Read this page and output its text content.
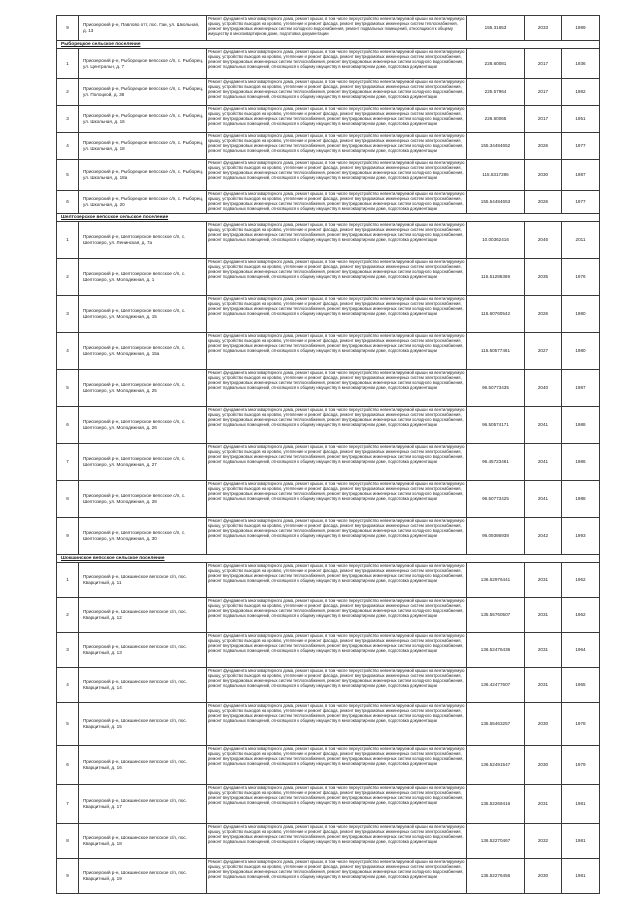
9	Приозерский р-н, Павлово отт, пос. Гаи, ул. Школьная, д. 13	Ремонт фундамента многоквартирного дома, ремонт крыши, в том числе переустройство невентилируемой крыши на вентилируемую крышу, устройство выходов на кровлю, утепление и ремонт фасада, ремонт внутридомовых инженерных систем теплоснабжения, ремонт внутридомовых инженерных систем холодного водоснабжения, ремонт подвальных помещений, относящихся к общему имуществу в многоквартирном доме, подготовка документации	155.31653	2033	1989
Рыборецкое сельское поселение					
1	Приозерский р-н, Рыборецкое вепсское с/п, с. Рыборец, ул. Центральн, д. 7	Ремонт фундамента многоквартирного дома, ремонт крыши, в том числе переустройство невентилируемой крыши на вентилируемую крышу, устройство выходов на кровлю, утепление и ремонт фасада, ремонт внутридомовых инженерных систем электроснабжения, ремонт внутридомовых инженерных систем теплоснабжения, ремонт внутридомовых инженерных систем холодного водоснабжения, ремонт подвальных помещений, относящихся к общему имуществу в многоквартирном доме, подготовка документации	228.60081	2017	1936
2	Приозерский р-н, Рыборецкое вепсское с/п, с. Рыборец, ул. Полоцкой, д. 38	Ремонт фундамента многоквартирного дома, ремонт крыши, в том числе переустройство невентилируемой крыши на вентилируемую крышу, устройство выходов на кровлю, утепление и ремонт фасада, ремонт внутридомовых инженерных систем электроснабжения, ремонт внутридомовых инженерных систем теплоснабжения, ремонт внутридомовых инженерных систем холодного водоснабжения, ремонт подвальных помещений, относящихся к общему имуществу в многоквартирном доме, подготовка документации	225.57964	2017	1982
3	Приозерский р-н, Рыборецкое вепсское с/п, с. Рыборец, ул. Школьная, д. 16	Ремонт фундамента многоквартирного дома, ремонт крыши, в том числе переустройство невентилируемой крыши на вентилируемую крышу, устройство выходов на кровлю, утепление и ремонт фасада, ремонт внутридомовых инженерных систем электроснабжения, ремонт внутридомовых инженерных систем теплоснабжения, ремонт внутридомовых инженерных систем холодного водоснабжения, ремонт подвальных помещений, относящихся к общему имуществу в многоквартирном доме, подготовка документации	226.60065	2017	1951
4	Приозерский р-н, Рыборецкое вепсское с/п, с. Рыборец, ул. Школьная, д. 18	Ремонт фундамента многоквартирного дома, ремонт крыши, в том числе переустройство невентилируемой крыши на вентилируемую крышу, устройство выходов на кровлю, утепление и ремонт фасада, ремонт внутридомовых инженерных систем электроснабжения, ремонт внутридомовых инженерных систем теплоснабжения, ремонт внутридомовых инженерных систем холодного водоснабжения, ремонт подвальных помещений, относящихся к общему имуществу в многоквартирном доме, подготовка документации	155.34484652	2026	1977
5	Приозерский р-н, Рыборецкое вепсское с/п, с. Рыборец, ул. Школьная, д. 18а	Ремонт фундамента многоквартирного дома, ремонт крыши, в том числе переустройство невентилируемой крыши на вентилируемую крышу, устройство выходов на кровлю, утепление и ремонт фасада, ремонт внутридомовых инженерных систем электроснабжения, ремонт внутридомовых инженерных систем теплоснабжения, ремонт внутридомовых инженерных систем холодного водоснабжения, ремонт подвальных помещений, относящихся к общему имуществу в многоквартирном доме, подготовка документации	115.5317286	2030	1987
6	Приозерский р-н, Рыборецкое вепсское с/п, с. Рыборец, ул. Школьная, д. 20	Ремонт фундамента многоквартирного дома, ремонт крыши, в том числе переустройство невентилируемой крыши на вентилируемую крышу, устройство выходов на кровлю, утепление и ремонт фасада, ремонт внутридомовых инженерных систем электроснабжения, ремонт внутридомовых инженерных систем теплоснабжения, ремонт внутридомовых инженерных систем холодного водоснабжения, ремонт подвальных помещений, относящихся к общему имуществу в многоквартирном доме, подготовка документации	155.54484653	2026	1977
Шелтозерское вепсское сельское поселение					
1	Приозерский р-н, Шелтозерское вепсское с/п, с. Шелтозеро, ул. Ленинская, д. 7а	Ремонт фундамента многоквартирного дома, ремонт крыши, в том числе переустройство невентилируемой крыши на вентилируемую крышу, устройство выходов на кровлю, утепление и ремонт фасада, ремонт внутридомовых инженерных систем электроснабжения, ремонт внутридомовых инженерных систем теплоснабжения, ремонт внутридомовых инженерных систем холодного водоснабжения, ремонт подвальных помещений, относящихся к общему имуществу в многоквартирном доме, подготовка документации	10.00362416	2046	2011
2	Приозерский р-н, Шелтозерское вепсское с/п, с. Шелтозеро, ул. Молодежная, д. 1	Ремонт фундамента многоквартирного дома, ремонт крыши, в том числе переустройство невентилируемой крыши на вентилируемую крышу, устройство выходов на кровлю, утепление и ремонт фасада, ремонт внутридомовых инженерных систем электроснабжения, ремонт внутридомовых инженерных систем теплоснабжения, ремонт внутридомовых инженерных систем холодного водоснабжения, ремонт подвальных помещений, относящихся к общему имуществу в многоквартирном доме, подготовка документации	115.51286369	2035	1976
3	Приозерский р-н, Шелтозерское вепсское с/п, с. Шелтозеро, ул. Молодежная, д. 15	Ремонт фундамента многоквартирного дома, ремонт крыши, в том числе переустройство невентилируемой крыши на вентилируемую крышу, устройство выходов на кровлю, утепление и ремонт фасада, ремонт внутридомовых инженерных систем электроснабжения, ремонт внутридомовых инженерных систем теплоснабжения, ремонт внутридомовых инженерных систем холодного водоснабжения, ремонт подвальных помещений, относящихся к общему имуществу в многоквартирном доме, подготовка документации	115.60760542	2026	1980
4	Приозерский р-н, Шелтозерское вепсское с/п, с. Шелтозеро, ул. Молодежная, д. 15а	Ремонт фундамента многоквартирного дома, ремонт крыши, в том числе переустройство невентилируемой крыши на вентилируемую крышу, устройство выходов на кровлю, утепление и ремонт фасада, ремонт внутридомовых инженерных систем электроснабжения, ремонт внутридомовых инженерных систем теплоснабжения, ремонт внутридомовых инженерных систем холодного водоснабжения, ремонт подвальных помещений, относящихся к общему имуществу в многоквартирном доме, подготовка документации	115.50577461	2027	1980
5	Приозерский р-н, Шелтозерское вепсское с/п, с. Шелтозеро, ул. Молодежная, д. 25	Ремонт фундамента многоквартирного дома, ремонт крыши, в том числе переустройство невентилируемой крыши на вентилируемую крышу, устройство выходов на кровлю, утепление и ремонт фасада, ремонт внутридомовых инженерных систем электроснабжения, ремонт внутридомовых инженерных систем теплоснабжения, ремонт внутридомовых инженерных систем холодного водоснабжения, ремонт подвальных помещений, относящихся к общему имуществу в многоквартирном доме, подготовка документации	96.50773435	2040	1987
6	Приозерский р-н, Шелтозерское вепсское с/п, с. Шелтозеро, ул. Молодежная, д. 26	Ремонт фундамента многоквартирного дома, ремонт крыши, в том числе переустройство невентилируемой крыши на вентилируемую крышу, устройство выходов на кровлю, утепление и ремонт фасада, ремонт внутридомовых инженерных систем электроснабжения, ремонт внутридомовых инженерных систем теплоснабжения, ремонт внутридомовых инженерных систем холодного водоснабжения, ремонт подвальных помещений, относящихся к общему имуществу в многоквартирном доме, подготовка документации	96.50574171	2041	1988
7	Приозерский р-н, Шелтозерское вепсское с/п, с. Шелтозеро, ул. Молодежная, д. 27	Ремонт фундамента многоквартирного дома, ремонт крыши, в том числе переустройство невентилируемой крыши на вентилируемую крышу, устройство выходов на кровлю, утепление и ремонт фасада, ремонт внутридомовых инженерных систем электроснабжения, ремонт внутридомовых инженерных систем теплоснабжения, ремонт внутридомовых инженерных систем холодного водоснабжения, ремонт подвальных помещений, относящихся к общему имуществу в многоквартирном доме, подготовка документации	96.45723461	2041	1986
8	Приозерский р-н, Шелтозерское вепсское с/п, с. Шелтозеро, ул. Молодежная, д. 28	Ремонт фундамента многоквартирного дома, ремонт крыши, в том числе переустройство невентилируемой крыши на вентилируемую крышу, устройство выходов на кровлю, утепление и ремонт фасада, ремонт внутридомовых инженерных систем электроснабжения, ремонт внутридомовых инженерных систем теплоснабжения, ремонт внутридомовых инженерных систем холодного водоснабжения, ремонт подвальных помещений, относящихся к общему имуществу в многоквартирном доме, подготовка документации	96.50773425	2041	1988
9	Приозерский р-н, Шелтозерское вепсское с/п, с. Шелтозеро, ул. Молодежная, д. 30	Ремонт фундамента многоквартирного дома, ремонт крыши, в том числе переустройство невентилируемой крыши на вентилируемую крышу, устройство выходов на кровлю, утепление и ремонт фасада, ремонт внутридомовых инженерных систем электроснабжения, ремонт внутридомовых инженерных систем теплоснабжения, ремонт внутридомовых инженерных систем холодного водоснабжения, ремонт подвальных помещений, относящихся к общему имуществу в многоквартирном доме, подготовка документации	96.09386938	2042	1993
Шокшинское вепсское сельское поселение					
1	Приозерский р-н, Шокшинское вепсское с/п, пос. Кварцитный, д. 11	Ремонт фундамента многоквартирного дома, ремонт крыши, в том числе переустройство невентилируемой крыши на вентилируемую крышу, устройство выходов на кровлю, утепление и ремонт фасада, ремонт внутридомовых инженерных систем электроснабжения, ремонт внутридомовых инженерных систем теплоснабжения, ремонт внутридомовых инженерных систем холодного водоснабжения, ремонт подвальных помещений, относящихся к общему имуществу в многоквартирном доме, подготовка документации	136.52976441	2031	1962
2	Приозерский р-н, Шокшинское вепсское с/п, пос. Кварцитный, д. 12	Ремонт фундамента многоквартирного дома, ремонт крыши, в том числе переустройство невентилируемой крыши на вентилируемую крышу, устройство выходов на кровлю, утепление и ремонт фасада, ремонт внутридомовых инженерных систем электроснабжения, ремонт внутридомовых инженерных систем теплоснабжения, ремонт внутридомовых инженерных систем холодного водоснабжения, ремонт подвальных помещений, относящихся к общему имуществу в многоквартирном доме, подготовка документации	135.55760507	2031	1962
3	Приозерский р-н, Шокшинское вепсское с/п, пос. Кварцитный, д. 13	Ремонт фундамента многоквартирного дома, ремонт крыши, в том числе переустройство невентилируемой крыши на вентилируемую крышу, устройство выходов на кровлю, утепление и ремонт фасада, ремонт внутридомовых инженерных систем электроснабжения, ремонт внутридомовых инженерных систем теплоснабжения, ремонт внутридомовых инженерных систем холодного водоснабжения, ремонт подвальных помещений, относящихся к общему имуществу в многоквартирном доме, подготовка документации	136.52476436	2031	1964
4	Приозерский р-н, Шокшинское вепсское с/п, пос. Кварцитный, д. 14	Ремонт фундамента многоквартирного дома, ремонт крыши, в том числе переустройство невентилируемой крыши на вентилируемую крышу, устройство выходов на кровлю, утепление и ремонт фасада, ремонт внутридомовых инженерных систем электроснабжения, ремонт внутридомовых инженерных систем теплоснабжения, ремонт внутридомовых инженерных систем холодного водоснабжения, ремонт подвальных помещений, относящихся к общему имуществу в многоквартирном доме, подготовка документации	136.42477607	2031	1965
5	Приозерский р-н, Шокшинское вепсское с/п, пос. Кварцитный, д. 15	Ремонт фундамента многоквартирного дома, ремонт крыши, в том числе переустройство невентилируемой крыши на вентилируемую крышу, устройство выходов на кровлю, утепление и ремонт фасада, ремонт внутридомовых инженерных систем электроснабжения, ремонт внутридомовых инженерных систем теплоснабжения, ремонт внутридомовых инженерных систем холодного водоснабжения, ремонт подвальных помещений, относящихся к общему имуществу в многоквартирном доме, подготовка документации	135.55463257	2030	1978
6	Приозерский р-н, Шокшинское вепсское с/п, пос. Кварцитный, д. 16	Ремонт фундамента многоквартирного дома, ремонт крыши, в том числе переустройство невентилируемой крыши на вентилируемую крышу, устройство выходов на кровлю, утепление и ремонт фасада, ремонт внутридомовых инженерных систем электроснабжения, ремонт внутридомовых инженерных систем теплоснабжения, ремонт внутридомовых инженерных систем холодного водоснабжения, ремонт подвальных помещений, относящихся к общему имуществу в многоквартирном доме, подготовка документации	136.52491547	2030	1979
7	Приозерский р-н, Шокшинское вепсское с/п, пос. Кварцитный, д. 17	Ремонт фундамента многоквартирного дома, ремонт крыши, в том числе переустройство невентилируемой крыши на вентилируемую крышу, устройство выходов на кровлю, утепление и ремонт фасада, ремонт внутридомовых инженерных систем электроснабжения, ремонт внутридомовых инженерных систем теплоснабжения, ремонт внутридомовых инженерных систем холодного водоснабжения, ремонт подвальных помещений, относящихся к общему имуществу в многоквартирном доме, подготовка документации	135.52269416	2031	1981
8	Приозерский р-н, Шокшинское вепсское с/п, пос. Кварцитный, д. 18	Ремонт фундамента многоквартирного дома, ремонт крыши, в том числе переустройство невентилируемой крыши на вентилируемую крышу, устройство выходов на кровлю, утепление и ремонт фасада, ремонт внутридомовых инженерных систем электроснабжения, ремонт внутридомовых инженерных систем теплоснабжения, ремонт внутридомовых инженерных систем холодного водоснабжения, ремонт подвальных помещений, относящихся к общему имуществу в многоквартирном доме, подготовка документации	136.52270467	2032	1981
9	Приозерский р-н, Шокшинское вепсское с/п, пос. Кварцитный, д. 19	Ремонт фундамента многоквартирного дома, ремонт крыши, в том числе переустройство невентилируемой крыши на вентилируемую крышу, устройство выходов на кровлю, утепление и ремонт фасада, ремонт внутридомовых инженерных систем электроснабжения, ремонт внутридомовых инженерных систем теплоснабжения, ремонт внутридомовых инженерных систем холодного водоснабжения, ремонт подвальных помещений, относящихся к общему имуществу в многоквартирном доме, подготовка документации	135.52276456	2030	1981
